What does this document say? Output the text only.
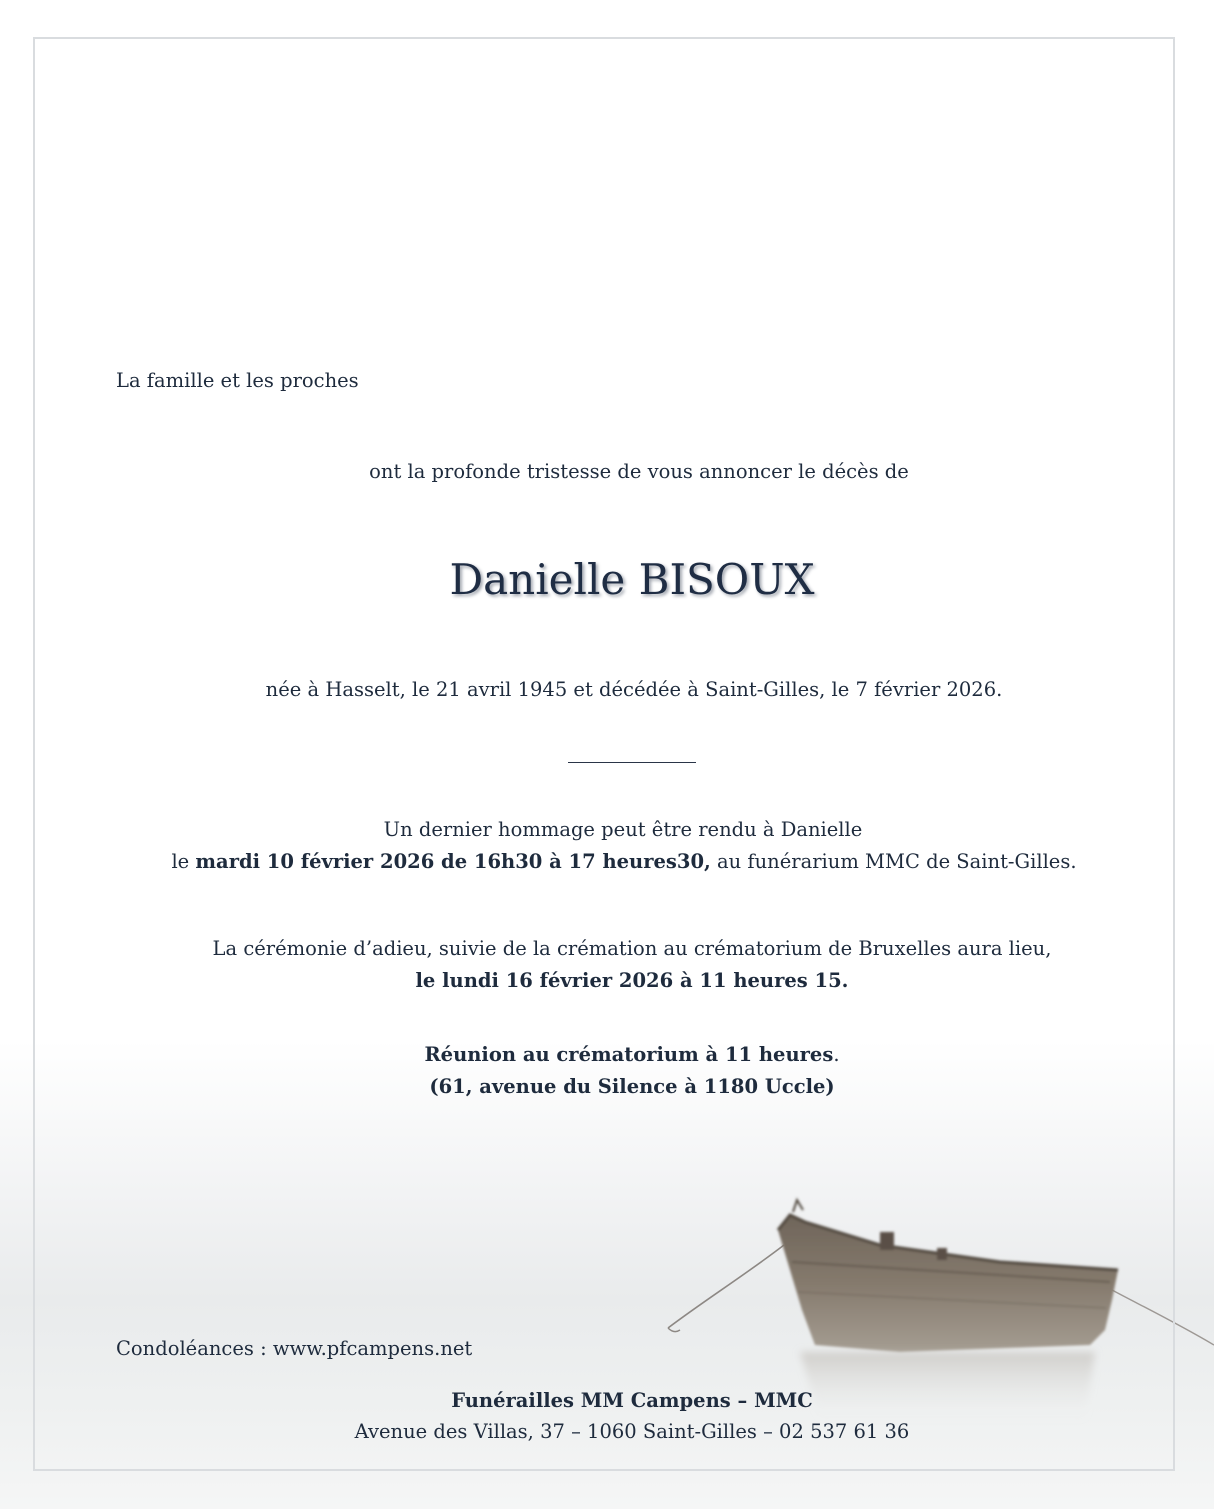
La famille et les proches
ont la profonde tristesse de vous annoncer le décès de
Danielle BISOUX
née à Hasselt, le 21 avril 1945 et décédée à Saint-Gilles, le 7 février 2026.
Un dernier hommage peut être rendu à Danielle
le mardi 10 février 2026 de 16h30 à 17 heures30, au funérarium MMC de Saint-Gilles.
La cérémonie d’adieu, suivie de la crémation au crématorium de Bruxelles aura lieu,
le lundi 16 février 2026 à 11 heures 15.
Réunion au crématorium à 11 heures.
(61, avenue du Silence à 1180 Uccle)
Condoléances : www.pfcampens.net
Funérailles MM Campens – MMC
Avenue des Villas, 37 – 1060 Saint-Gilles – 02 537 61 36
